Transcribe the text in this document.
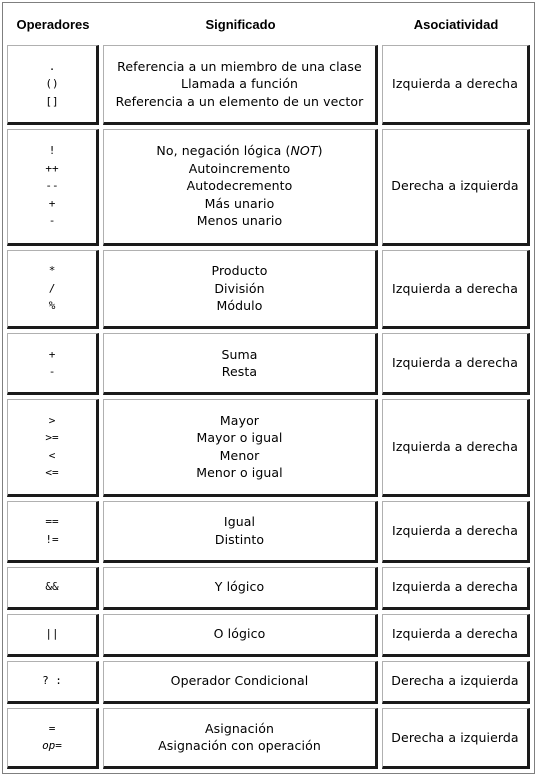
Operadores	Significado	Asociatividad

.
()
[]	Referencia a un miembro de una clase
Llamada a función
Referencia a un elemento de un vector	Izquierda a derecha

!
++
--
+
-	No, negación lógica (NOT)
Autoincremento
Autodecremento
Más unario
Menos unario	Derecha a izquierda

*
/
%	Producto
División
Módulo	Izquierda a derecha

+
-	Suma
Resta	Izquierda a derecha

>
>=
<
<=	Mayor
Mayor o igual
Menor
Menor o igual	Izquierda a derecha

==
!=	Igual
Distinto	Izquierda a derecha

&&	Y lógico	Izquierda a derecha

||	O lógico	Izquierda a derecha

? :	Operador Condicional	Derecha a izquierda

=
op=	Asignación
Asignación con operación	Derecha a izquierda
